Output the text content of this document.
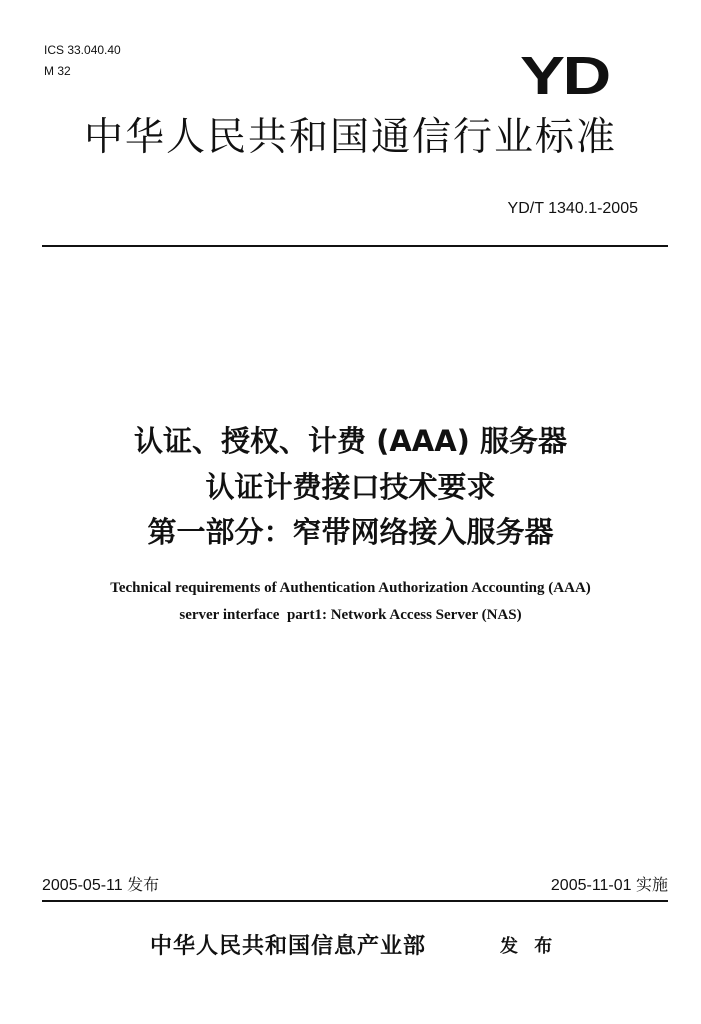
ICS 33.040.40
M 32	YD
中华人民共和国通信行业标准
YD/T 1340.1-2005
认证、授权、计费 (AAA) 服务器
认证计费接口技术要求
第一部分：窄带网络接入服务器
Technical requirements of Authentication Authorization Accounting (AAA)
server interface  part1: Network Access Server (NAS)
2005-05-11 发布	2005-11-01 实施
中华人民共和国信息产业部	发 布
